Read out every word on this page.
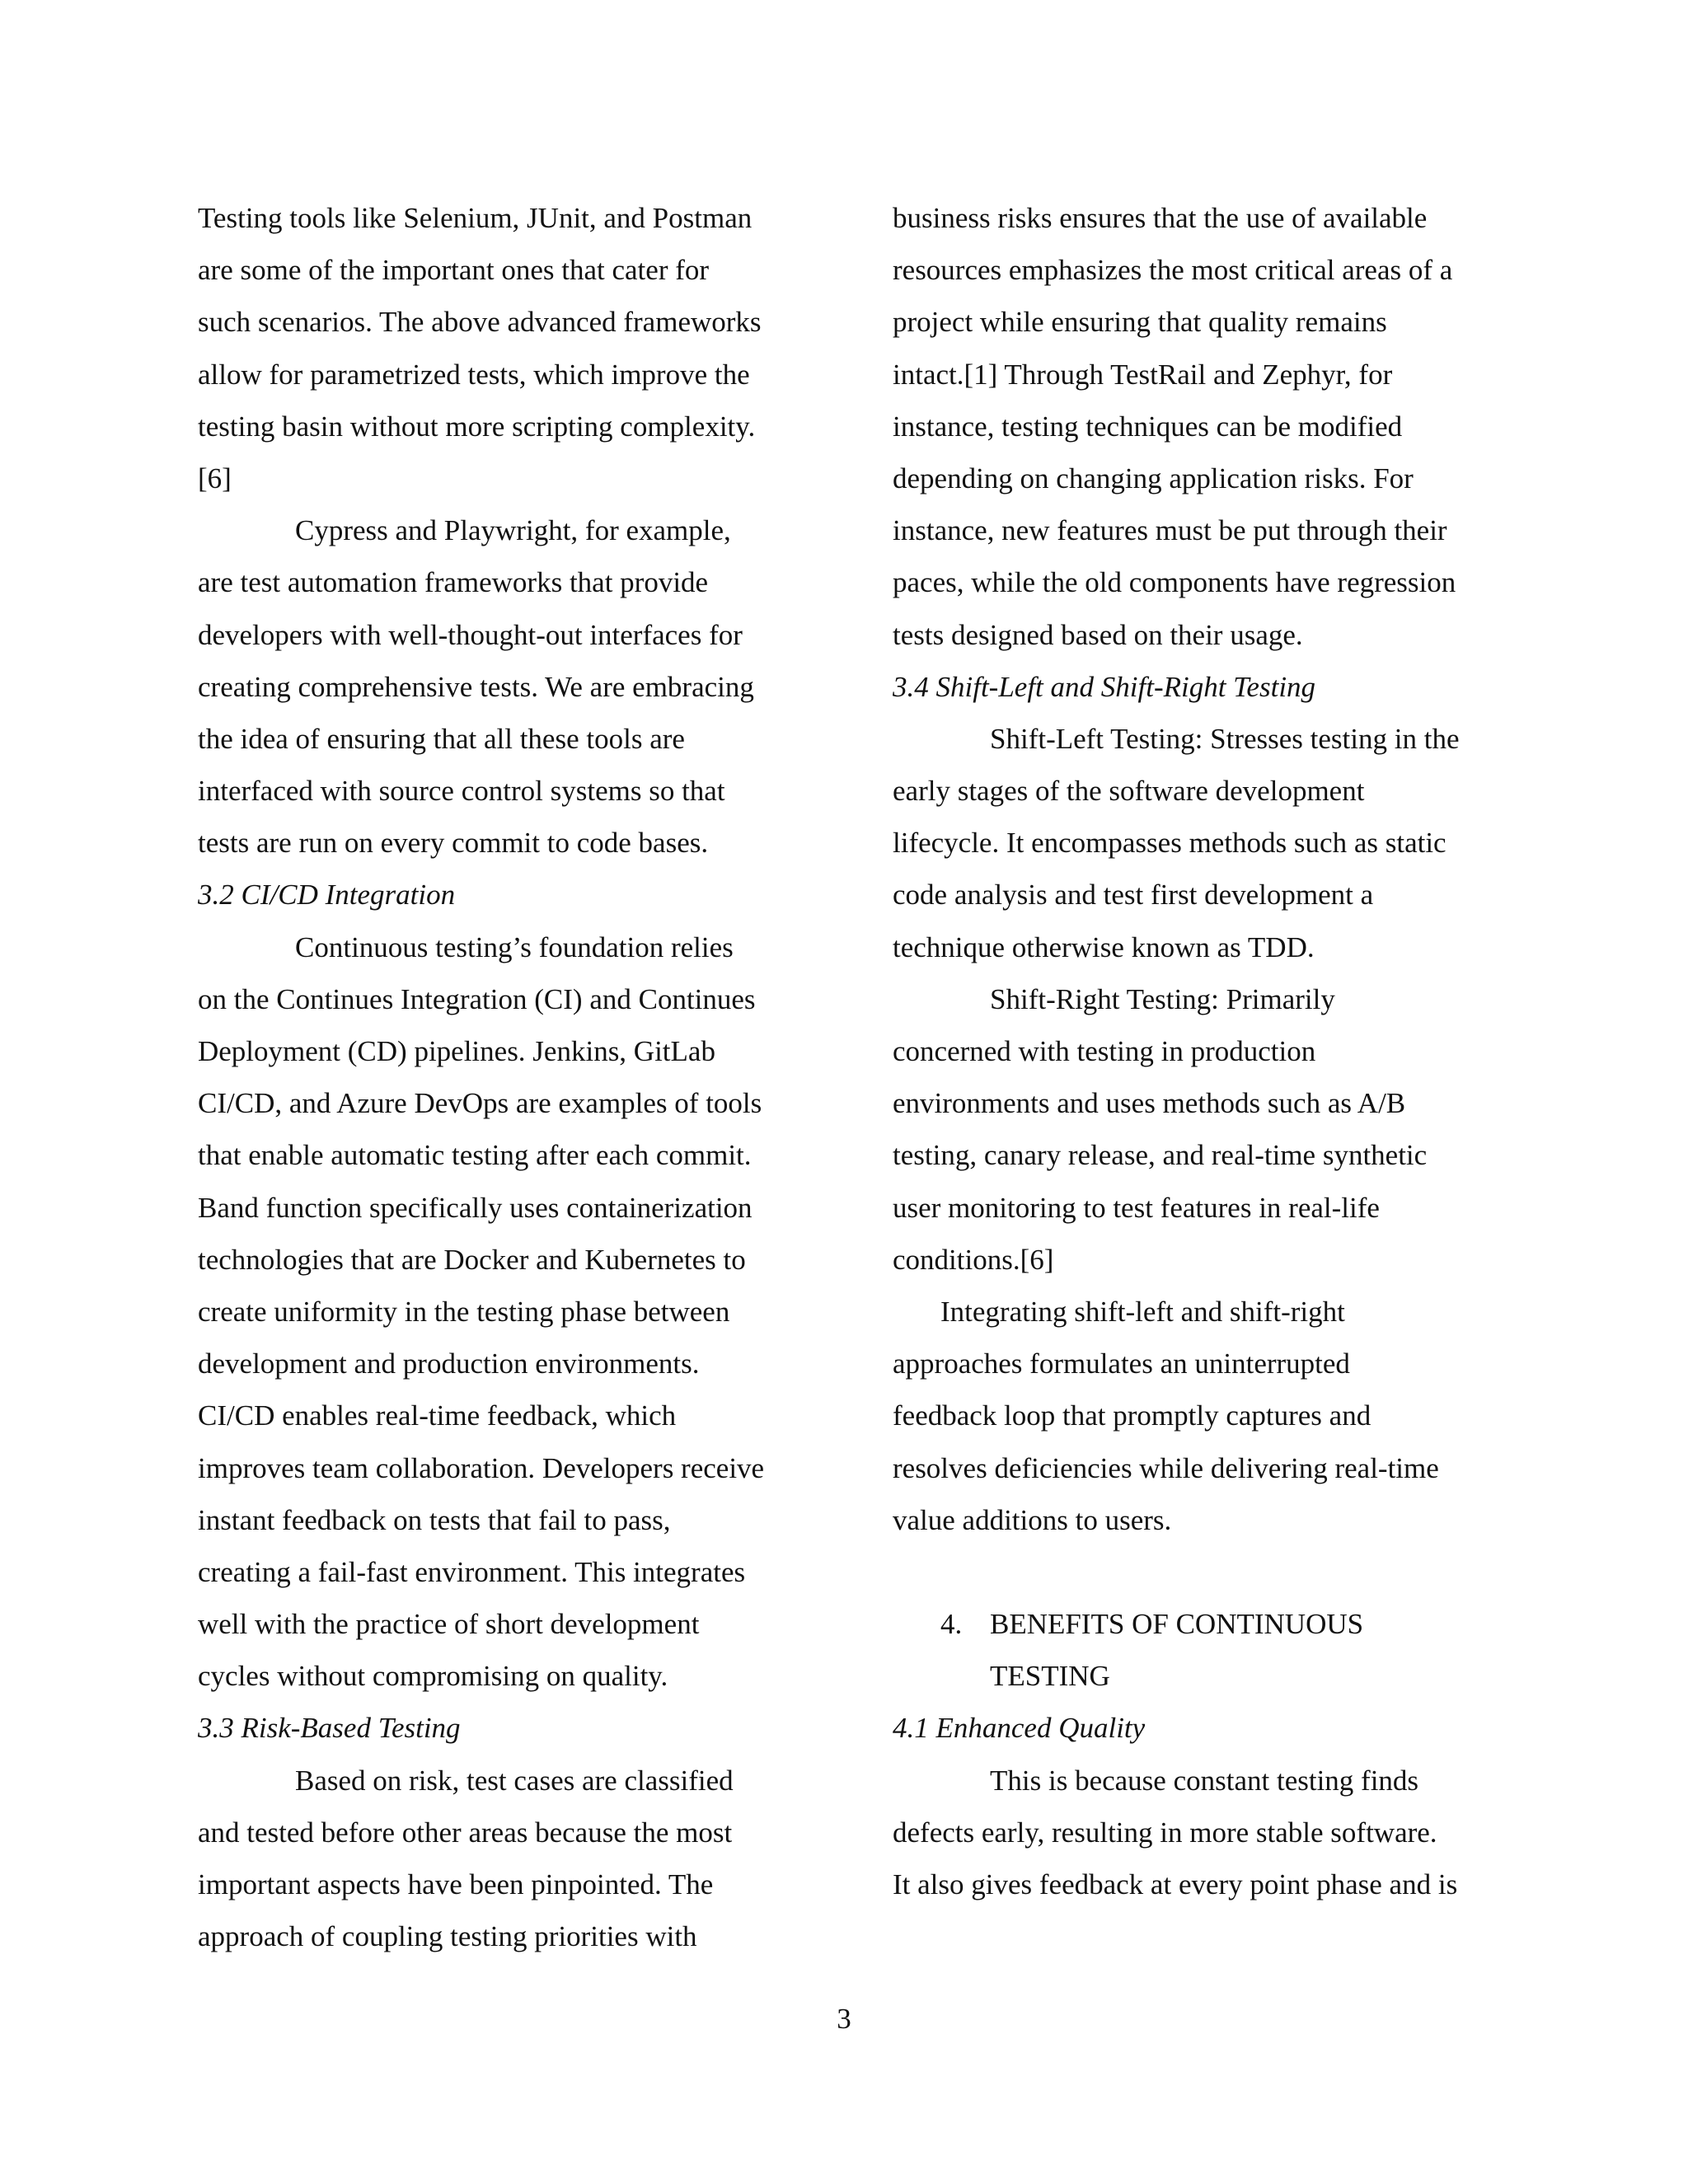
Testing tools like Selenium, JUnit, and Postman
are some of the important ones that cater for
such scenarios. The above advanced frameworks
allow for parametrized tests, which improve the
testing basin without more scripting complexity.
[6]
Cypress and Playwright, for example,
are test automation frameworks that provide
developers with well-thought-out interfaces for
creating comprehensive tests. We are embracing
the idea of ensuring that all these tools are
interfaced with source control systems so that
tests are run on every commit to code bases.
3.2 CI/CD Integration
Continuous testing’s foundation relies
on the Continues Integration (CI) and Continues
Deployment (CD) pipelines. Jenkins, GitLab
CI/CD, and Azure DevOps are examples of tools
that enable automatic testing after each commit.
Band function specifically uses containerization
technologies that are Docker and Kubernetes to
create uniformity in the testing phase between
development and production environments.
CI/CD enables real-time feedback, which
improves team collaboration. Developers receive
instant feedback on tests that fail to pass,
creating a fail-fast environment. This integrates
well with the practice of short development
cycles without compromising on quality.
3.3 Risk-Based Testing
Based on risk, test cases are classified
and tested before other areas because the most
important aspects have been pinpointed. The
approach of coupling testing priorities with
business risks ensures that the use of available
resources emphasizes the most critical areas of a
project while ensuring that quality remains
intact.[1] Through TestRail and Zephyr, for
instance, testing techniques can be modified
depending on changing application risks. For
instance, new features must be put through their
paces, while the old components have regression
tests designed based on their usage.
3.4 Shift-Left and Shift-Right Testing
Shift-Left Testing: Stresses testing in the
early stages of the software development
lifecycle. It encompasses methods such as static
code analysis and test first development a
technique otherwise known as TDD.
Shift-Right Testing: Primarily
concerned with testing in production
environments and uses methods such as A/B
testing, canary release, and real-time synthetic
user monitoring to test features in real-life
conditions.[6]
Integrating shift-left and shift-right
approaches formulates an uninterrupted
feedback loop that promptly captures and
resolves deficiencies while delivering real-time
value additions to users.
4. BENEFITS OF CONTINUOUS
TESTING
4.1 Enhanced Quality
This is because constant testing finds
defects early, resulting in more stable software.
It also gives feedback at every point phase and is
3
